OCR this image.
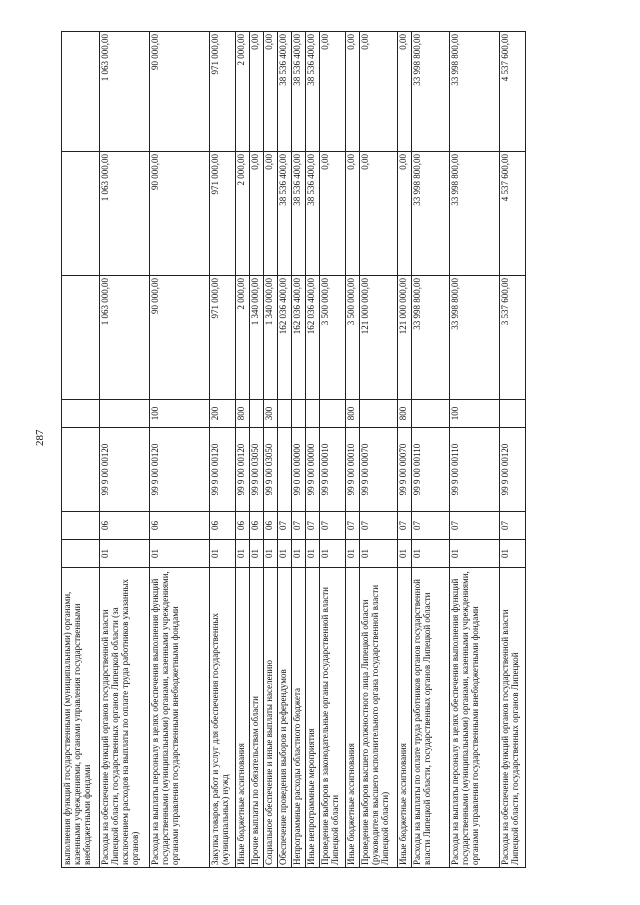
287
выполнения функций государственными (муниципальными) органами, казенными учреждениями, органами управления государственными внебюджетными фондами							
Расходы на обеспечение функций органов государственной власти Липецкой области, государственных органов Липецкой области (за исключением расходов на выплаты по оплате труда работников указанных органов)	01	06	99 9 00 00120		1 063 000,00	1 063 000,00	1 063 000,00
Расходы на выплаты персоналу в целях обеспечения выполнения функций государственными (муниципальными) органами, казенными учреждениями, органами управления государственными внебюджетными фондами	01	06	99 9 00 00120	100	90 000,00	90 000,00	90 000,00
Закупка товаров, работ и услуг для обеспечения государственных (муниципальных) нужд	01	06	99 9 00 00120	200	971 000,00	971 000,00	971 000,00
Иные бюджетные ассигнования	01	06	99 9 00 00120	800	2 000,00	2 000,00	2 000,00
Прочие выплаты по обязательствам области	01	06	99 9 00 03050		1 340 000,00	0,00	0,00
Социальное обеспечение и иные выплаты населению	01	06	99 9 00 03050	300	1 340 000,00	0,00	0,00
Обеспечение проведения выборов и референдумов	01	07			162 036 400,00	38 536 400,00	38 536 400,00
Непрограммные расходы областного бюджета	01	07	99 0 00 00000		162 036 400,00	38 536 400,00	38 536 400,00
Иные непрограммные мероприятия	01	07	99 9 00 00000		162 036 400,00	38 536 400,00	38 536 400,00
Проведение выборов в законодательные органы государственной власти Липецкой области	01	07	99 9 00 00010		3 500 000,00	0,00	0,00
Иные бюджетные ассигнования	01	07	99 9 00 00010	800	3 500 000,00	0,00	0,00
Проведение выборов высшего должностного лица Липецкой области (руководителя высшего исполнительного органа государственной власти Липецкой области)	01	07	99 9 00 00070		121 000 000,00	0,00	0,00
Иные бюджетные ассигнования	01	07	99 9 00 00070	800	121 000 000,00	0,00	0,00
Расходы на выплаты по оплате труда работников органов государственной власти Липецкой области, государственных органов Липецкой области	01	07	99 9 00 00110		33 998 800,00	33 998 800,00	33 998 800,00
Расходы на выплаты персоналу в целях обеспечения выполнения функций государственными (муниципальными) органами, казенными учреждениями, органами управления государственными внебюджетными фондами	01	07	99 9 00 00110	100	33 998 800,00	33 998 800,00	33 998 800,00
Расходы на обеспечение функций органов государственной власти Липецкой области, государственных органов Липецкой	01	07	99 9 00 00120		3 537 600,00	4 537 600,00	4 537 600,00
